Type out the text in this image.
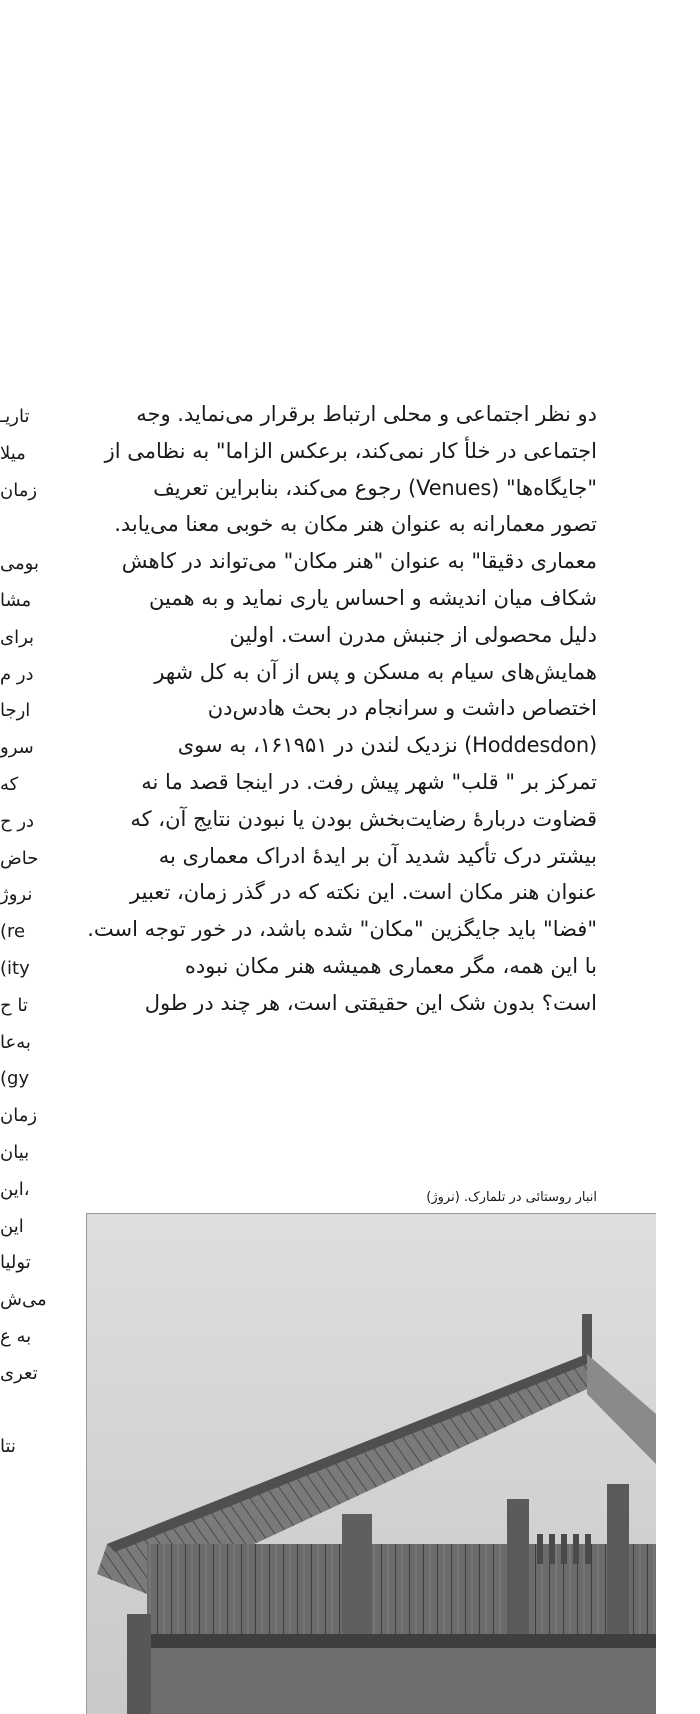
تاریـ
میلا
زمان
بومی
مشا
برای
در م
ارجا
سرو
که
در ح
حاض
نروژ
(re
(ity
تا ح
به‌عا
(gy
زمان
بیان
این،
این
تولیا
می‌ش
به ع
تعری
نتا
دو نظر اجتماعی و محلی ارتباط برقرار می‌نماید. وجه
اجتماعی در خلأ کار نمی‌کند، برعکس الزاما" به نظامی از
"جایگاه‌ها" (Venues) رجوع می‌کند، بنابراین تعریف
تصور معمارانه به عنوان هنر مکان به خوبی معنا می‌یابد.
معماری دقیقا" به عنوان "هنر مکان" می‌تواند در کاهش
شکاف میان اندیشه و احساس یاری نماید و به همین
دلیل محصولی از جنبش مدرن است. اولین
همایش‌های سیام به مسکن و پس از آن به کل شهر
اختصاص داشت و سرانجام در بحث هادس‌دن
(Hoddesdon) نزدیک لندن در ۱۶۱۹۵۱، به سوی
تمرکز بر " قلب" شهر پیش رفت. در اینجا قصد ما نه
قضاوت دربارهٔ رضایت‌بخش بودن یا نبودن نتایج آن، که
بیشتر درک تأکید شدید آن بر ایدهٔ ادراک معماری به
عنوان هنر مکان است. این نکته که در گذر زمان، تعبیر
"فضا" باید جایگزین "مکان" شده باشد، در خور توجه است.
با این همه، مگر معماری همیشه هنر مکان نبوده
است؟ بدون شک این حقیقتی است، هر چند در طول
انبار روستائی در تلمارک. (نروژ)
